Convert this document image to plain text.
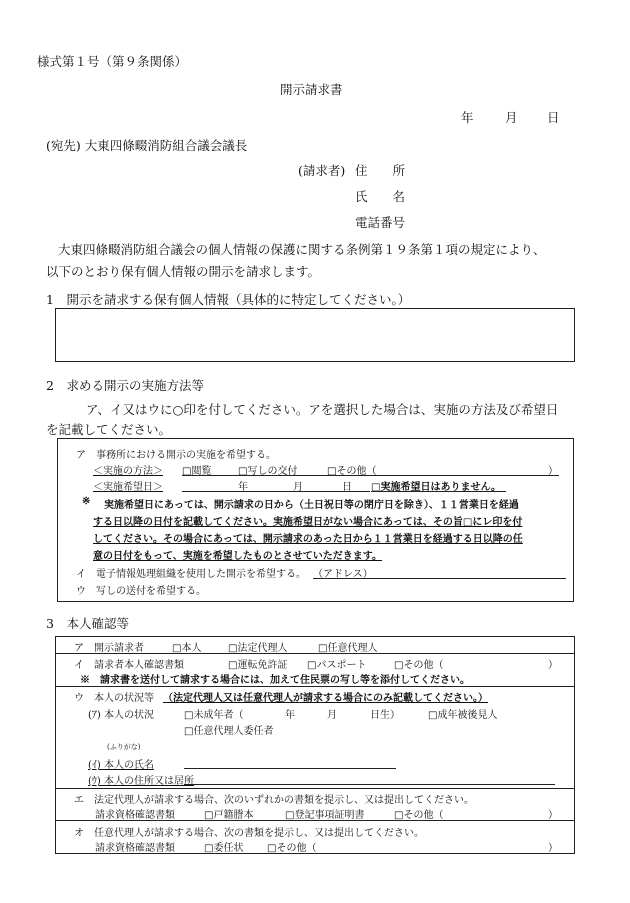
様式第１号（第９条関係）
開示請求書
年	月 日
(宛先) 大東四條畷消防組合議会議長
(請求者) 住　　所
氏　　名
電話番号
大東四條畷消防組合議会の個人情報の保護に関する条例第１９条第１項の規定により、
以下のとおり保有個人情報の開示を請求します。
1　開示を請求する保有個人情報（具体的に特定してください。）
2　求める開示の実施方法等
ア、イ又はウに○印を付してください。アを選択した場合は、実施の方法及び希望日
を記載してください。
ア　事務所における開示の実施を希望する。
＜実施の方法＞ □閲覧	□写しの交付	□その他（	）
＜実施希望日＞	年	月	日 □実施希望日はありません。
※ 実施希望日にあっては、開示請求の日から（土日祝日等の閉庁日を除き）、１１営業日を経過
する日以降の日付を記載してください。実施希望日がない場合にあっては、その旨□にレ印を付
してください。その場合にあっては、開示請求のあった日から１１営業日を経過する日以降の任
意の日付をもって、実施を希望したものとさせていただきます。
イ　電子情報処理組織を使用した開示を希望する。 （アドレス）
ウ　写しの送付を希望する。
3　本人確認等
ア　開示請求者	□本人	□法定代理人	□任意代理人
イ　請求者本人確認書類	□運転免許証 □パスポート	□その他（	）
※　請求書を送付して請求する場合には、加えて住民票の写し等を添付してください。
ウ　本人の状況等 （法定代理人又は任意代理人が請求する場合にのみ記載してください。）
(ｱ) 本人の状況	□未成年者（	年	月	日生）	□成年被後見人
□任意代理人委任者
(ふりがな)
(ｲ) 本人の氏名
(ｳ) 本人の住所又は居所
エ　法定代理人が請求する場合、次のいずれかの書類を提示し、又は提出してください。
請求資格確認書類	□戸籍謄本	□登記事項証明書	□その他（	）
オ　任意代理人が請求する場合、次の書類を提示し、又は提出してください。
請求資格確認書類	□委任状 □その他（	）
